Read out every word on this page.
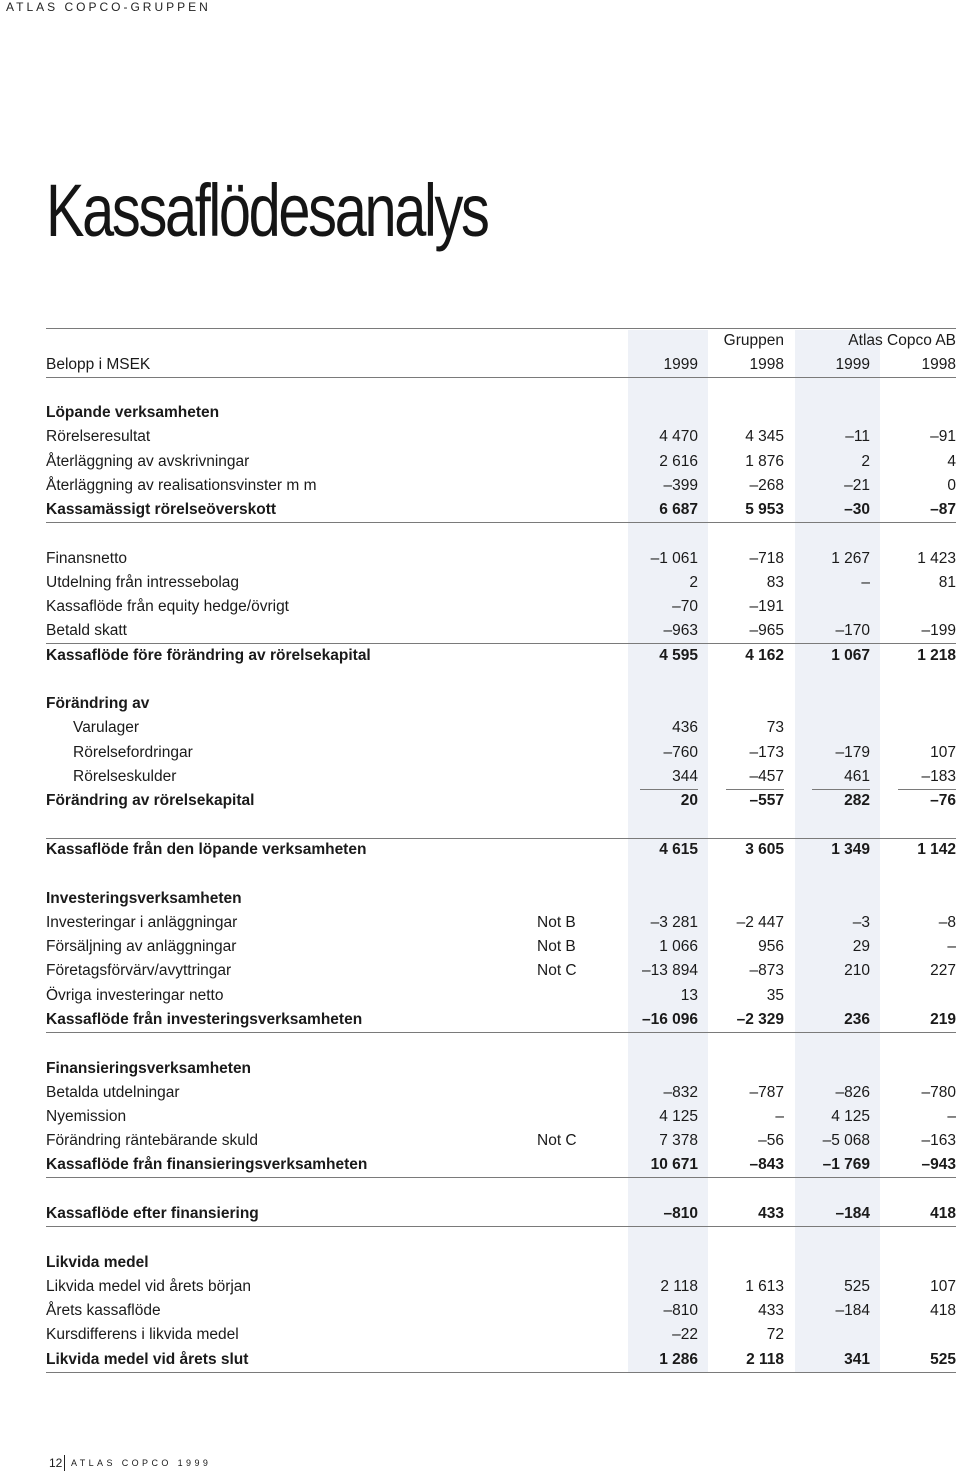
ATLAS COPCO-GRUPPEN
Kassaflödesanalys
Gruppen	Atlas Copco AB
Belopp i MSEK	1999	1998	1999	1998
Löpande verksamheten
Rörelseresultat	4 470	4 345	–11	–91
Återläggning av avskrivningar	2 616	1 876	2	4
Återläggning av realisationsvinster m m	–399	–268	–21	0
Kassamässigt rörelseöverskott	6 687	5 953	–30	–87
Finansnetto	–1 061	–718	1 267	1 423
Utdelning från intressebolag	2	83	–	81
Kassaflöde från equity hedge/övrigt	–70	–191
Betald skatt	–963	–965	–170	–199
Kassaflöde före förändring av rörelsekapital	4 595	4 162	1 067	1 218
Förändring av
Varulager	436	73
Rörelsefordringar	–760	–173	–179	107
Rörelseskulder	344	–457	461	–183
Förändring av rörelsekapital	20	–557	282	–76
Kassaflöde från den löpande verksamheten	4 615	3 605	1 349	1 142
Investeringsverksamheten
Investeringar i anläggningar	Not B	–3 281	–2 447	–3	–8
Försäljning av anläggningar	Not B	1 066	956	29	–
Företagsförvärv/avyttringar	Not C	–13 894	–873	210	227
Övriga investeringar netto	13	35
Kassaflöde från investeringsverksamheten	–16 096	–2 329	236	219
Finansieringsverksamheten
Betalda utdelningar	–832	–787	–826	–780
Nyemission	4 125	–	4 125	–
Förändring räntebärande skuld	Not C	7 378	–56	–5 068	–163
Kassaflöde från finansieringsverksamheten	10 671	–843	–1 769	–943
Kassaflöde efter finansiering	–810	433	–184	418
Likvida medel
Likvida medel vid årets början	2 118	1 613	525	107
Årets kassaflöde	–810	433	–184	418
Kursdifferens i likvida medel	–22	72
Likvida medel vid årets slut	1 286	2 118	341	525
12 ATLAS COPCO 1999
